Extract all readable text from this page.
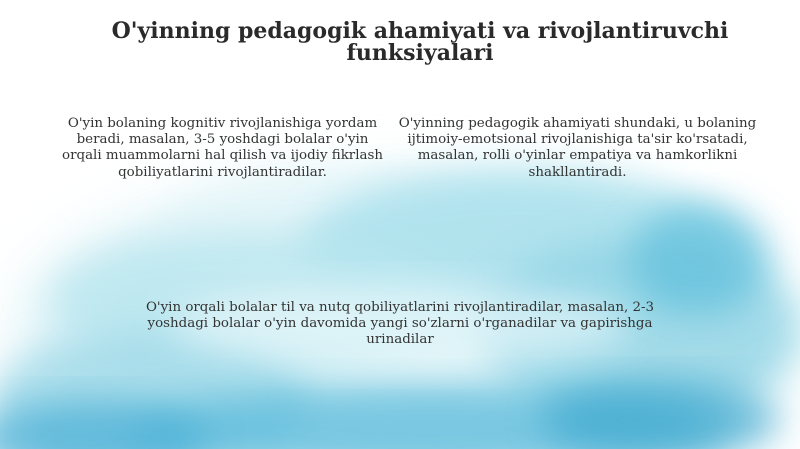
O'yinning pedagogik ahamiyati va rivojlantiruvchi funksiyalari

O'yin bolaning kognitiv rivojlanishiga yordam beradi, masalan, 3-5 yoshdagi bolalar o'yin orqali muammolarni hal qilish va ijodiy fikrlash qobiliyatlarini rivojlantiradilar.

O'yinning pedagogik ahamiyati shundaki, u bolaning ijtimoiy-emotsional rivojlanishiga ta'sir ko'rsatadi, masalan, rolli o'yinlar empatiya va hamkorlikni shakllantiradi.

O'yin orqali bolalar til va nutq qobiliyatlarini rivojlantiradilar, masalan, 2-3 yoshdagi bolalar o'yin davomida yangi so'zlarni o'rganadilar va gapirishga urinadilar
